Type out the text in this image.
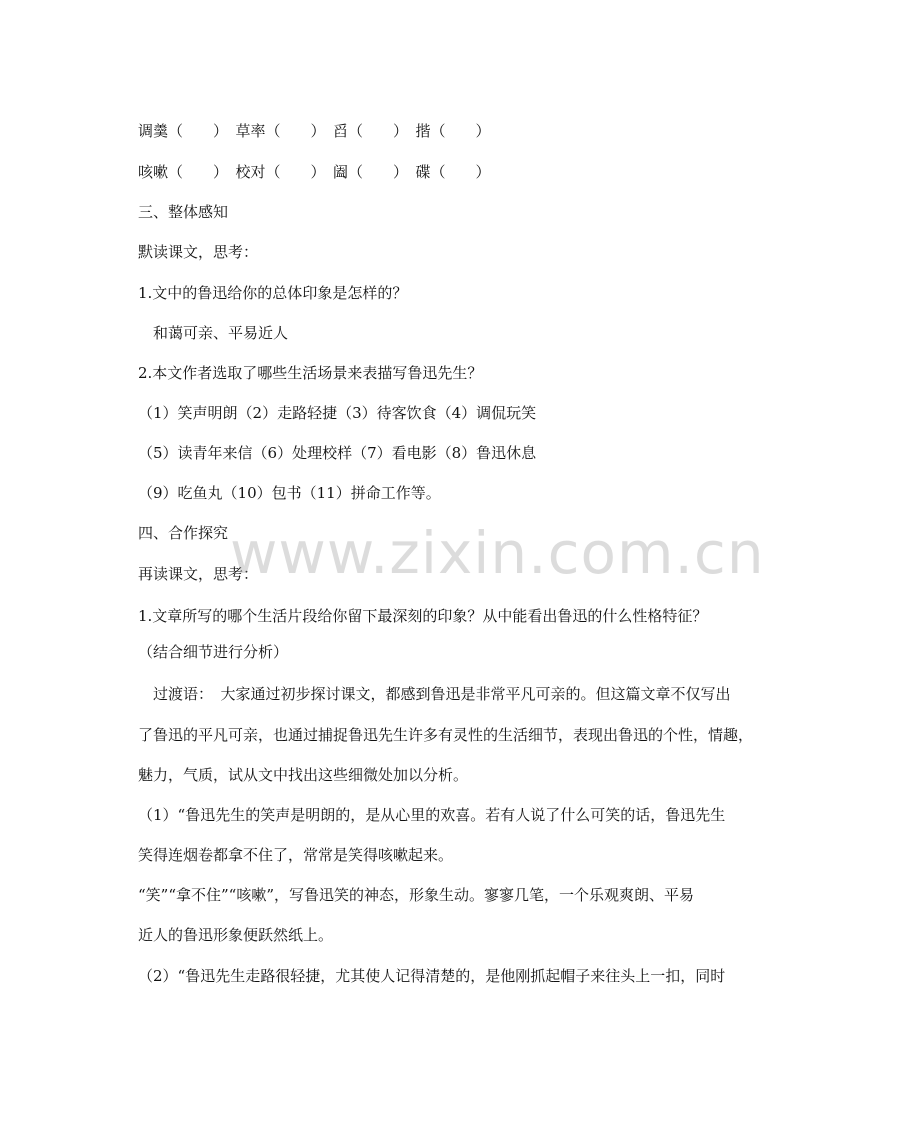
调羹（　　）　草率（　　）　舀（　　）　揩（　　）
咳嗽（　　）　校对（　　）　阖（　　）　碟（　　）
三、整体感知
默读课文，思考：
1.文中的鲁迅给你的总体印象是怎样的？
　和蔼可亲、平易近人
2.本文作者选取了哪些生活场景来表描写鲁迅先生？
（1）笑声明朗（2）走路轻捷（3）待客饮食（4）调侃玩笑
（5）读青年来信（6）处理校样（7）看电影（8）鲁迅休息
（9）吃鱼丸（10）包书（11）拼命工作等。
四、合作探究
再读课文，思考：
1.文章所写的哪个生活片段给你留下最深刻的印象？从中能看出鲁迅的什么性格特征？
（结合细节进行分析）
　过渡语：　大家通过初步探讨课文，都感到鲁迅是非常平凡可亲的。但这篇文章不仅写出
了鲁迅的平凡可亲，也通过捕捉鲁迅先生许多有灵性的生活细节，表现出鲁迅的个性，情趣，
魅力，气质，试从文中找出这些细微处加以分析。
（1）“鲁迅先生的笑声是明朗的，是从心里的欢喜。若有人说了什么可笑的话，鲁迅先生
笑得连烟卷都拿不住了，常常是笑得咳嗽起来。
“笑”“拿不住”“咳嗽”，写鲁迅笑的神态，形象生动。寥寥几笔，一个乐观爽朗、平易
近人的鲁迅形象便跃然纸上。
（2）“鲁迅先生走路很轻捷，尤其使人记得清楚的，是他刚抓起帽子来往头上一扣，同时
www.zixin.com.cn
